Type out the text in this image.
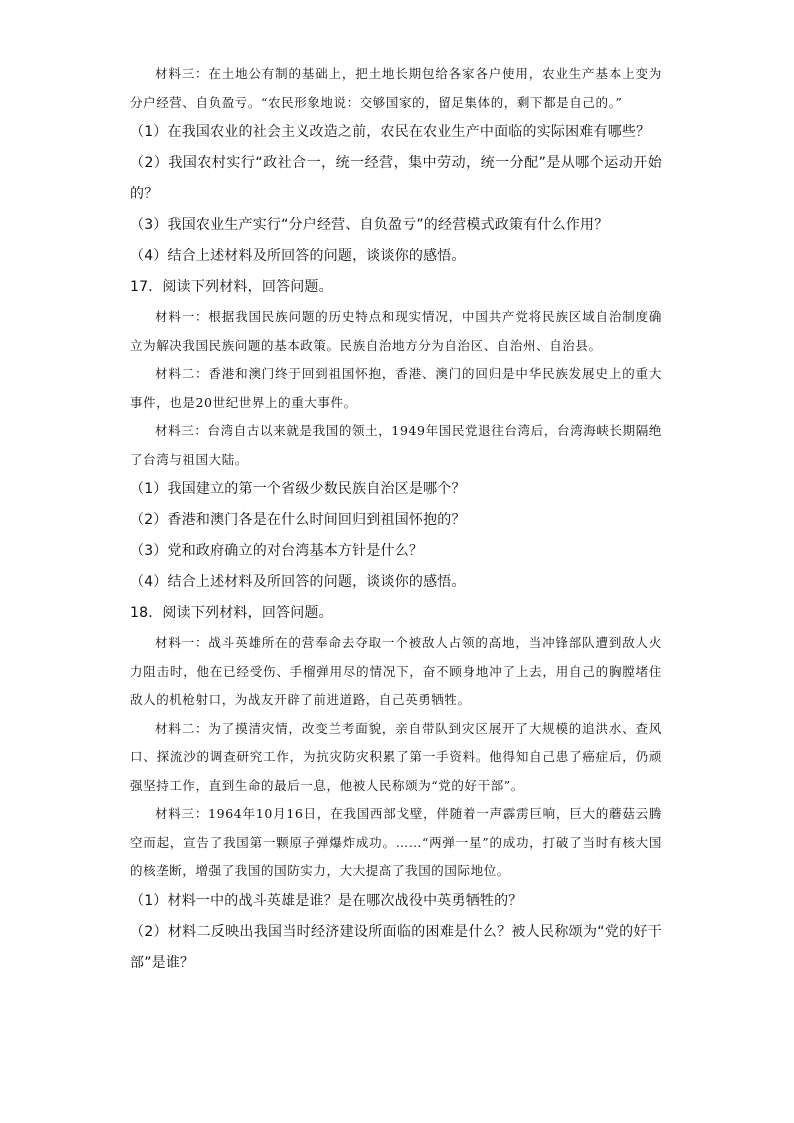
材料三：在土地公有制的基础上，把土地长期包给各家各户使用，农业生产基本上变为分户经营、自负盈亏。“农民形象地说：交够国家的，留足集体的，剩下都是自己的。”

（1）在我国农业的社会主义改造之前，农民在农业生产中面临的实际困难有哪些？

（2）我国农村实行“政社合一，统一经营，集中劳动，统一分配”是从哪个运动开始的？

（3）我国农业生产实行“分户经营、自负盈亏”的经营模式政策有什么作用？

（4）结合上述材料及所回答的问题，谈谈你的感悟。

17．阅读下列材料，回答问题。

材料一：根据我国民族问题的历史特点和现实情况，中国共产党将民族区域自治制度确立为解决我国民族问题的基本政策。民族自治地方分为自治区、自治州、自治县。

材料二：香港和澳门终于回到祖国怀抱，香港、澳门的回归是中华民族发展史上的重大事件，也是20世纪世界上的重大事件。

材料三：台湾自古以来就是我国的领土，1949年国民党退往台湾后，台湾海峡长期隔绝了台湾与祖国大陆。

（1）我国建立的第一个省级少数民族自治区是哪个？

（2）香港和澳门各是在什么时间回归到祖国怀抱的？

（3）党和政府确立的对台湾基本方针是什么？

（4）结合上述材料及所回答的问题，谈谈你的感悟。

18．阅读下列材料，回答问题。

材料一：战斗英雄所在的营奉命去夺取一个被敌人占领的高地，当冲锋部队遭到敌人火力阻击时，他在已经受伤、手榴弹用尽的情况下，奋不顾身地冲了上去，用自己的胸膛堵住敌人的机枪射口，为战友开辟了前进道路，自己英勇牺牲。

材料二：为了摸清灾情，改变兰考面貌，亲自带队到灾区展开了大规模的追洪水、查风口、探流沙的调查研究工作，为抗灾防灾积累了第一手资料。他得知自己患了癌症后，仍顽强坚持工作，直到生命的最后一息，他被人民称颂为“党的好干部”。

材料三：1964年10月16日，在我国西部戈壁，伴随着一声霹雳巨响，巨大的蘑菇云腾空而起，宣告了我国第一颗原子弹爆炸成功。……“两弹一星”的成功，打破了当时有核大国的核垄断，增强了我国的国防实力，大大提高了我国的国际地位。

（1）材料一中的战斗英雄是谁？是在哪次战役中英勇牺牲的？

（2）材料二反映出我国当时经济建设所面临的困难是什么？被人民称颂为“党的好干部”是谁？
